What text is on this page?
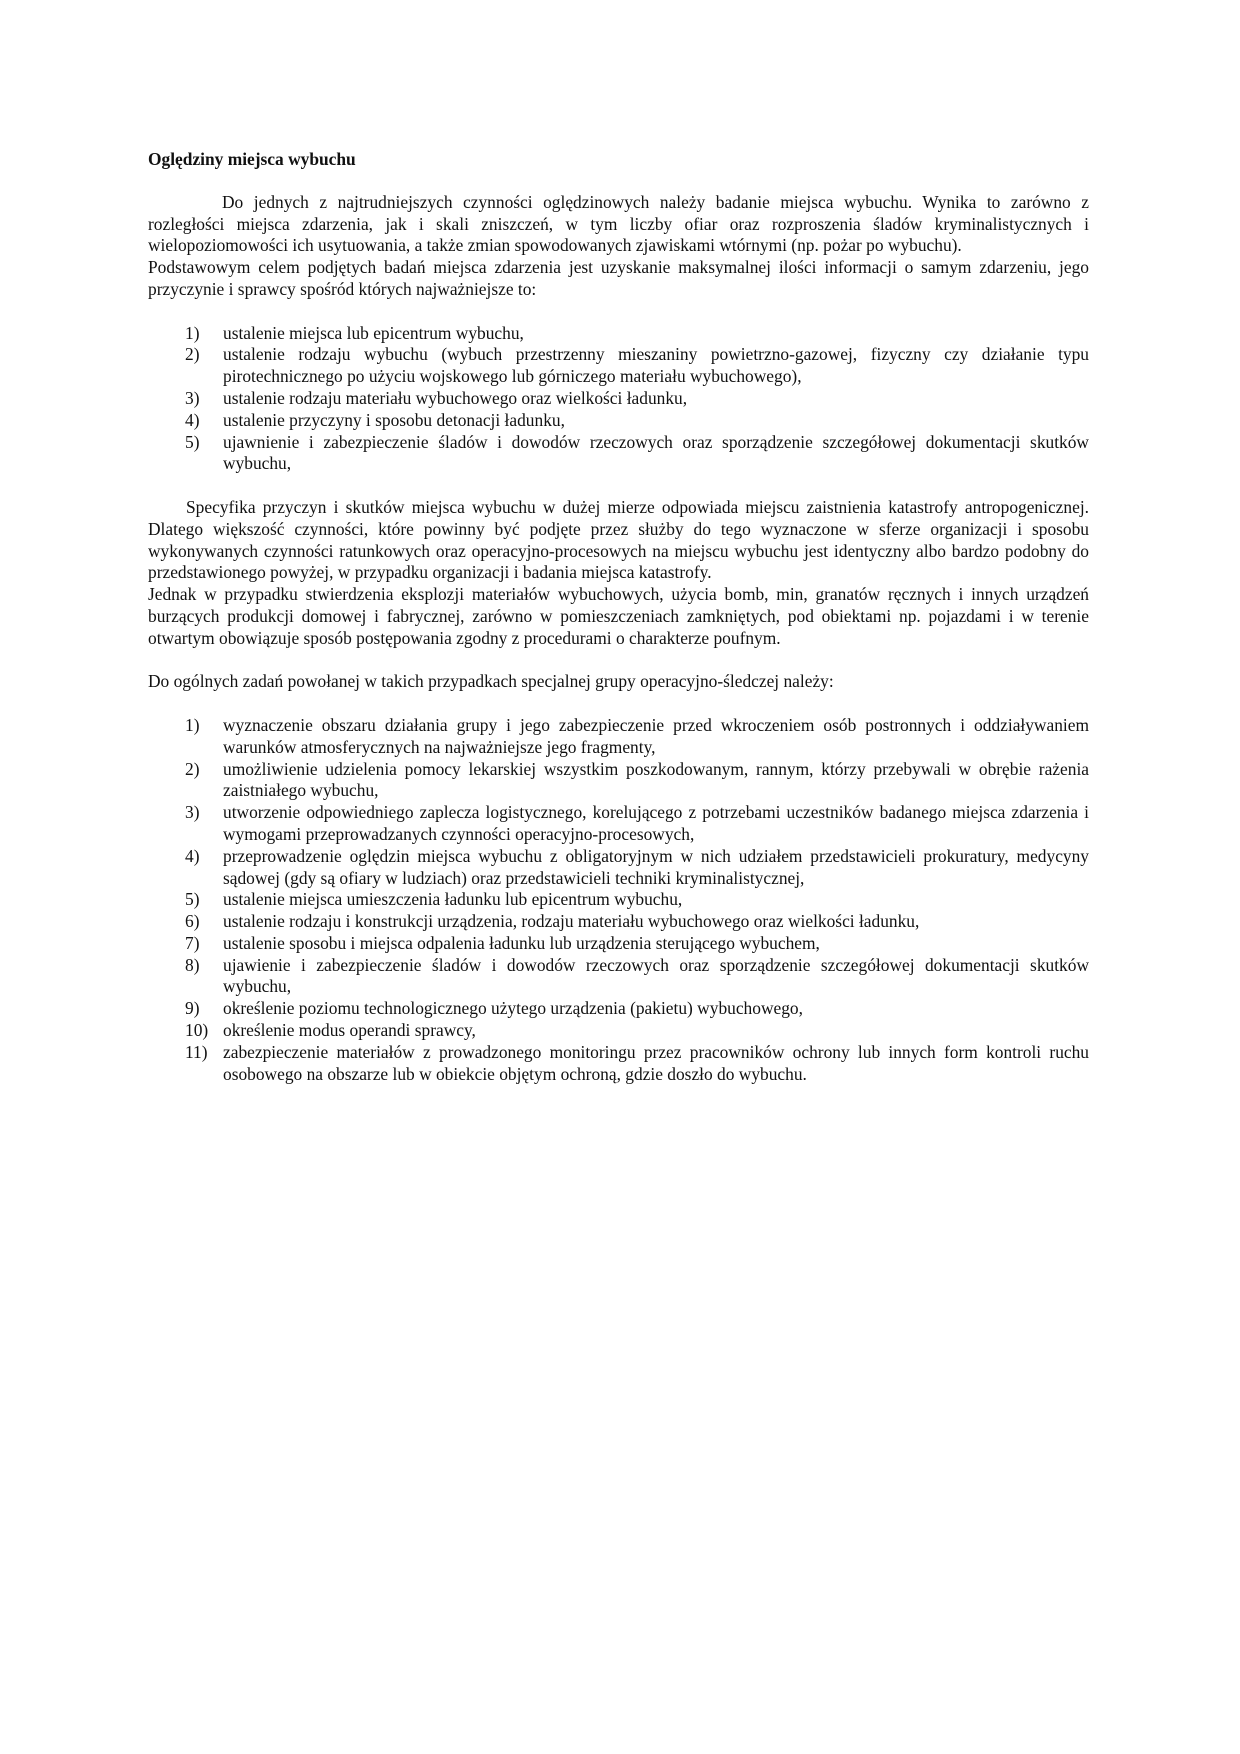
Oględziny miejsca wybuchu

Do jednych z najtrudniejszych czynności oględzinowych należy badanie miejsca wybuchu. Wynika to zarówno z rozległości miejsca zdarzenia, jak i skali zniszczeń, w tym liczby ofiar oraz rozproszenia śladów kryminalistycznych i wielopoziomowości ich usytuowania, a także zmian spowodowanych zjawiskami wtórnymi (np. pożar po wybuchu).

Podstawowym celem podjętych badań miejsca zdarzenia jest uzyskanie maksymalnej ilości informacji o samym zdarzeniu, jego przyczynie i sprawcy spośród których najważniejsze to:

1)	ustalenie miejsca lub epicentrum wybuchu,
2)	ustalenie rodzaju wybuchu (wybuch przestrzenny mieszaniny powietrzno-gazowej, fizyczny czy działanie typu pirotechnicznego po użyciu wojskowego lub górniczego materiału wybuchowego),
3)	ustalenie rodzaju materiału wybuchowego oraz wielkości ładunku,
4)	ustalenie przyczyny i sposobu detonacji ładunku,
5)	ujawnienie i zabezpieczenie śladów i dowodów rzeczowych oraz sporządzenie szczegółowej dokumentacji skutków wybuchu,

Specyfika przyczyn i skutków miejsca wybuchu w dużej mierze odpowiada miejscu zaistnienia katastrofy antropogenicznej. Dlatego większość czynności, które powinny być podjęte przez służby do tego wyznaczone w sferze organizacji i sposobu wykonywanych czynności ratunkowych oraz operacyjno-procesowych na miejscu wybuchu jest identyczny albo bardzo podobny do przedstawionego powyżej, w przypadku organizacji i badania miejsca katastrofy.

Jednak w przypadku stwierdzenia eksplozji materiałów wybuchowych, użycia bomb, min, granatów ręcznych i innych urządzeń burzących produkcji domowej i fabrycznej, zarówno w pomieszczeniach zamkniętych, pod obiektami np. pojazdami i w terenie otwartym obowiązuje sposób postępowania zgodny z procedurami o charakterze poufnym.

Do ogólnych zadań powołanej w takich przypadkach specjalnej grupy operacyjno-śledczej należy:

1)	wyznaczenie obszaru działania grupy i jego zabezpieczenie przed wkroczeniem osób postronnych i oddziaływaniem warunków atmosferycznych na najważniejsze jego fragmenty,
2)	umożliwienie udzielenia pomocy lekarskiej wszystkim poszkodowanym, rannym, którzy przebywali w obrębie rażenia zaistniałego wybuchu,
3)	utworzenie odpowiedniego zaplecza logistycznego, korelującego z potrzebami uczestników badanego miejsca zdarzenia i wymogami przeprowadzanych czynności operacyjno-procesowych,
4)	przeprowadzenie oględzin miejsca wybuchu z obligatoryjnym w nich udziałem przedstawicieli prokuratury, medycyny sądowej (gdy są ofiary w ludziach) oraz przedstawicieli techniki kryminalistycznej,
5)	ustalenie miejsca umieszczenia ładunku lub epicentrum wybuchu,
6)	ustalenie rodzaju i konstrukcji urządzenia, rodzaju materiału wybuchowego oraz wielkości ładunku,
7)	ustalenie sposobu i miejsca odpalenia ładunku lub urządzenia sterującego wybuchem,
8)	ujawienie i zabezpieczenie śladów i dowodów rzeczowych oraz sporządzenie szczegółowej dokumentacji skutków wybuchu,
9)	określenie poziomu technologicznego użytego urządzenia (pakietu) wybuchowego,
10) określenie modus operandi sprawcy,
11) zabezpieczenie materiałów z prowadzonego monitoringu przez pracowników ochrony lub innych form kontroli ruchu osobowego na obszarze lub w obiekcie objętym ochroną, gdzie doszło do wybuchu.
